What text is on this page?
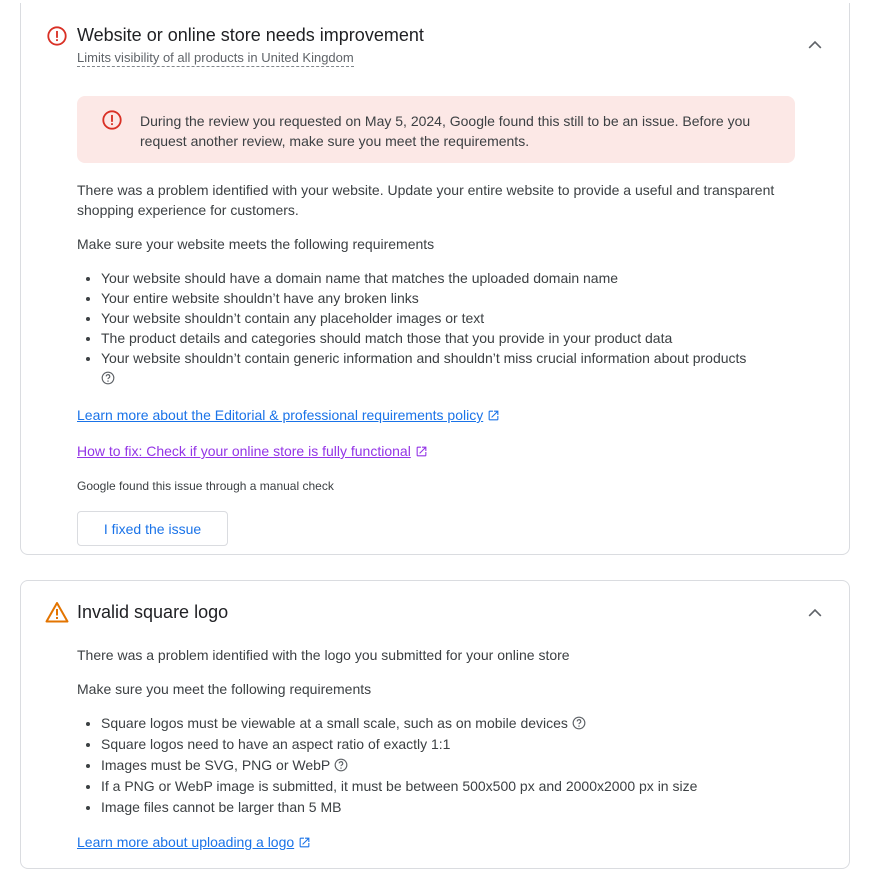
Website or online store needs improvement
Limits visibility of all products in United Kingdom
During the review you requested on May 5, 2024, Google found this still to be an issue. Before you request another review, make sure you meet the requirements.
There was a problem identified with your website. Update your entire website to provide a useful and transparent shopping experience for customers.
Make sure your website meets the following requirements
• Your website should have a domain name that matches the uploaded domain name
• Your entire website shouldn’t have any broken links
• Your website shouldn’t contain any placeholder images or text
• The product details and categories should match those that you provide in your product data
• Your website shouldn’t contain generic information and shouldn’t miss crucial information about products
Learn more about the Editorial & professional requirements policy
How to fix: Check if your online store is fully functional
Google found this issue through a manual check
I fixed the issue
Invalid square logo
There was a problem identified with the logo you submitted for your online store
Make sure you meet the following requirements
• Square logos must be viewable at a small scale, such as on mobile devices
• Square logos need to have an aspect ratio of exactly 1:1
• Images must be SVG, PNG or WebP
• If a PNG or WebP image is submitted, it must be between 500x500 px and 2000x2000 px in size
• Image files cannot be larger than 5 MB
Learn more about uploading a logo
